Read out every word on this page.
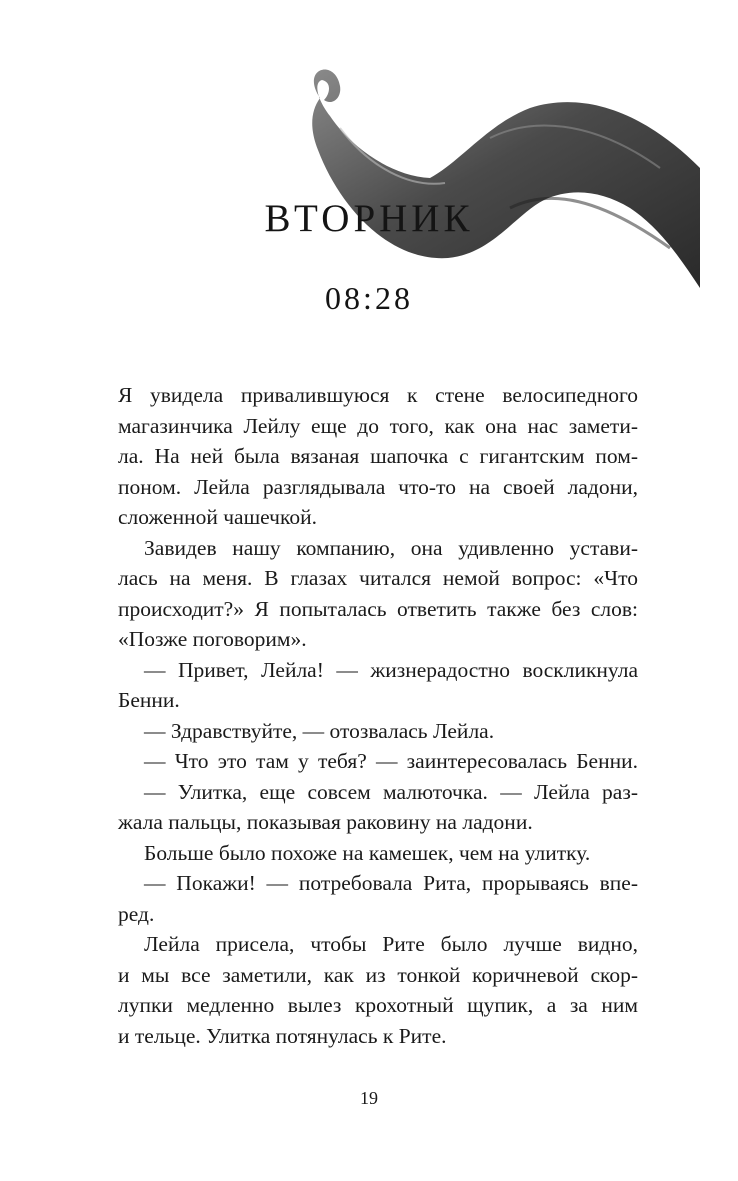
ВТОРНИК
08:28
Я увидела привалившуюся к стене велосипедного
магазинчика Лейлу еще до того, как она нас замети-
ла. На ней была вязаная шапочка с гигантским пом-
поном. Лейла разглядывала что-то на своей ладони,
сложенной чашечкой.
Завидев нашу компанию, она удивленно устави-
лась на меня. В глазах читался немой вопрос: «Что
происходит?» Я попыталась ответить также без слов:
«Позже поговорим».
— Привет, Лейла! — жизнерадостно воскликнула
Бенни.
— Здравствуйте, — отозвалась Лейла.
— Что это там у тебя? — заинтересовалась Бенни.
— Улитка, еще совсем малюточка. — Лейла раз-
жала пальцы, показывая раковину на ладони.
Больше было похоже на камешек, чем на улитку.
— Покажи! — потребовала Рита, прорываясь впе-
ред.
Лейла присела, чтобы Рите было лучше видно,
и мы все заметили, как из тонкой коричневой скор-
лупки медленно вылез крохотный щупик, а за ним
и тельце. Улитка потянулась к Рите.
19
